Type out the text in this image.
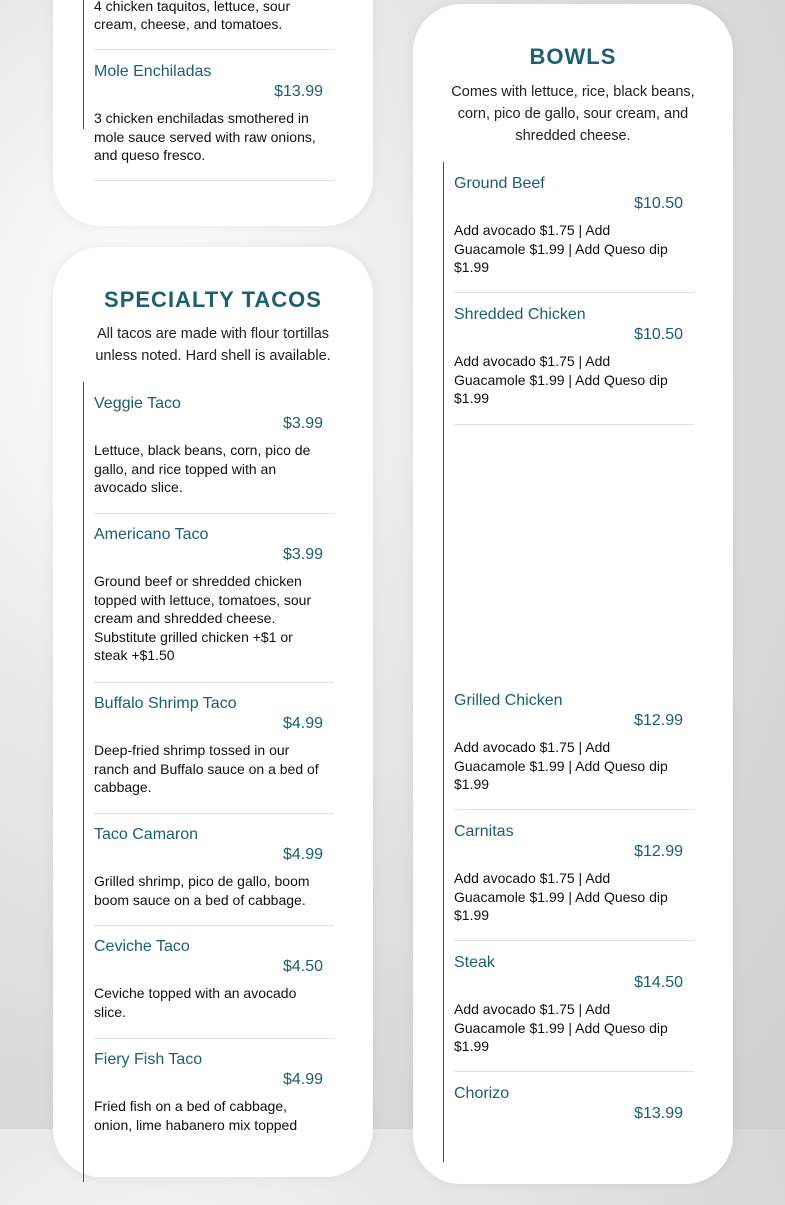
4 chicken taquitos, lettuce, sour cream, cheese, and tomatoes.
Mole Enchiladas
$13.99
3 chicken enchiladas smothered in mole sauce served with raw onions, and queso fresco.
SPECIALTY TACOS
All tacos are made with flour tortillas unless noted. Hard shell is available.
Veggie Taco
$3.99
Lettuce, black beans, corn, pico de gallo, and rice topped with an avocado slice.
Americano Taco
$3.99
Ground beef or shredded chicken topped with lettuce, tomatoes, sour cream and shredded cheese. Substitute grilled chicken +$1 or steak +$1.50
Buffalo Shrimp Taco
$4.99
Deep-fried shrimp tossed in our ranch and Buffalo sauce on a bed of cabbage.
Taco Camaron
$4.99
Grilled shrimp, pico de gallo, boom boom sauce on a bed of cabbage.
Ceviche Taco
$4.50
Ceviche topped with an avocado slice.
Fiery Fish Taco
$4.99
Fried fish on a bed of cabbage, onion, lime habanero mix topped
BOWLS
Comes with lettuce, rice, black beans, corn, pico de gallo, sour cream, and shredded cheese.
Ground Beef
$10.50
Add avocado $1.75 | Add Guacamole $1.99 | Add Queso dip $1.99
Shredded Chicken
$10.50
Add avocado $1.75 | Add Guacamole $1.99 | Add Queso dip $1.99
Grilled Chicken
$12.99
Add avocado $1.75 | Add Guacamole $1.99 | Add Queso dip $1.99
Carnitas
$12.99
Add avocado $1.75 | Add Guacamole $1.99 | Add Queso dip $1.99
Steak
$14.50
Add avocado $1.75 | Add Guacamole $1.99 | Add Queso dip $1.99
Chorizo
$13.99
